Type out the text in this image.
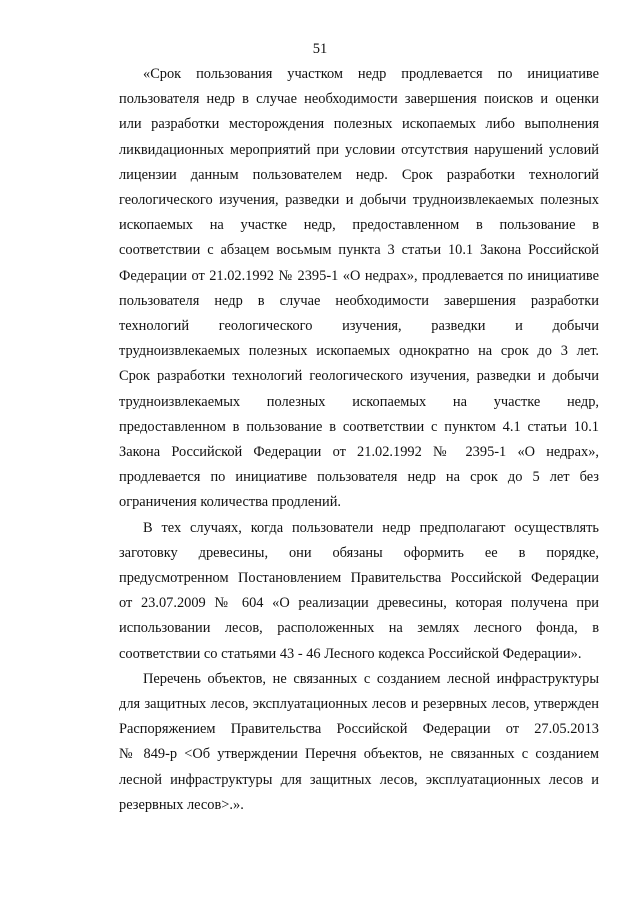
51

«Срок пользования участком недр продлевается по инициативе
пользователя недр в случае необходимости завершения поисков и оценки
или разработки месторождения полезных ископаемых либо выполнения
ликвидационных мероприятий при условии отсутствия нарушений условий
лицензии данным пользователем недр. Срок разработки технологий
геологического изучения, разведки и добычи трудноизвлекаемых полезных
ископаемых на участке недр, предоставленном в пользование в
соответствии с абзацем восьмым пункта 3 статьи 10.1 Закона Российской
Федерации от 21.02.1992 № 2395-1 «О недрах», продлевается по инициативе
пользователя недр в случае необходимости завершения разработки
технологий геологического изучения, разведки и добычи
трудноизвлекаемых полезных ископаемых однократно на срок до 3 лет.
Срок разработки технологий геологического изучения, разведки и добычи
трудноизвлекаемых полезных ископаемых на участке недр,
предоставленном в пользование в соответствии с пунктом 4.1 статьи 10.1
Закона Российской Федерации от 21.02.1992 № 2395-1 «О недрах»,
продлевается по инициативе пользователя недр на срок до 5 лет без
ограничения количества продлений.

В тех случаях, когда пользователи недр предполагают осуществлять
заготовку древесины, они обязаны оформить ее в порядке,
предусмотренном Постановлением Правительства Российской Федерации
от 23.07.2009 № 604 «О реализации древесины, которая получена при
использовании лесов, расположенных на землях лесного фонда, в
соответствии со статьями 43 - 46 Лесного кодекса Российской Федерации».

Перечень объектов, не связанных с созданием лесной инфраструктуры
для защитных лесов, эксплуатационных лесов и резервных лесов, утвержден
Распоряжением Правительства Российской Федерации от 27.05.2013
№ 849-р <Об утверждении Перечня объектов, не связанных с созданием
лесной инфраструктуры для защитных лесов, эксплуатационных лесов и
резервных лесов>.».
